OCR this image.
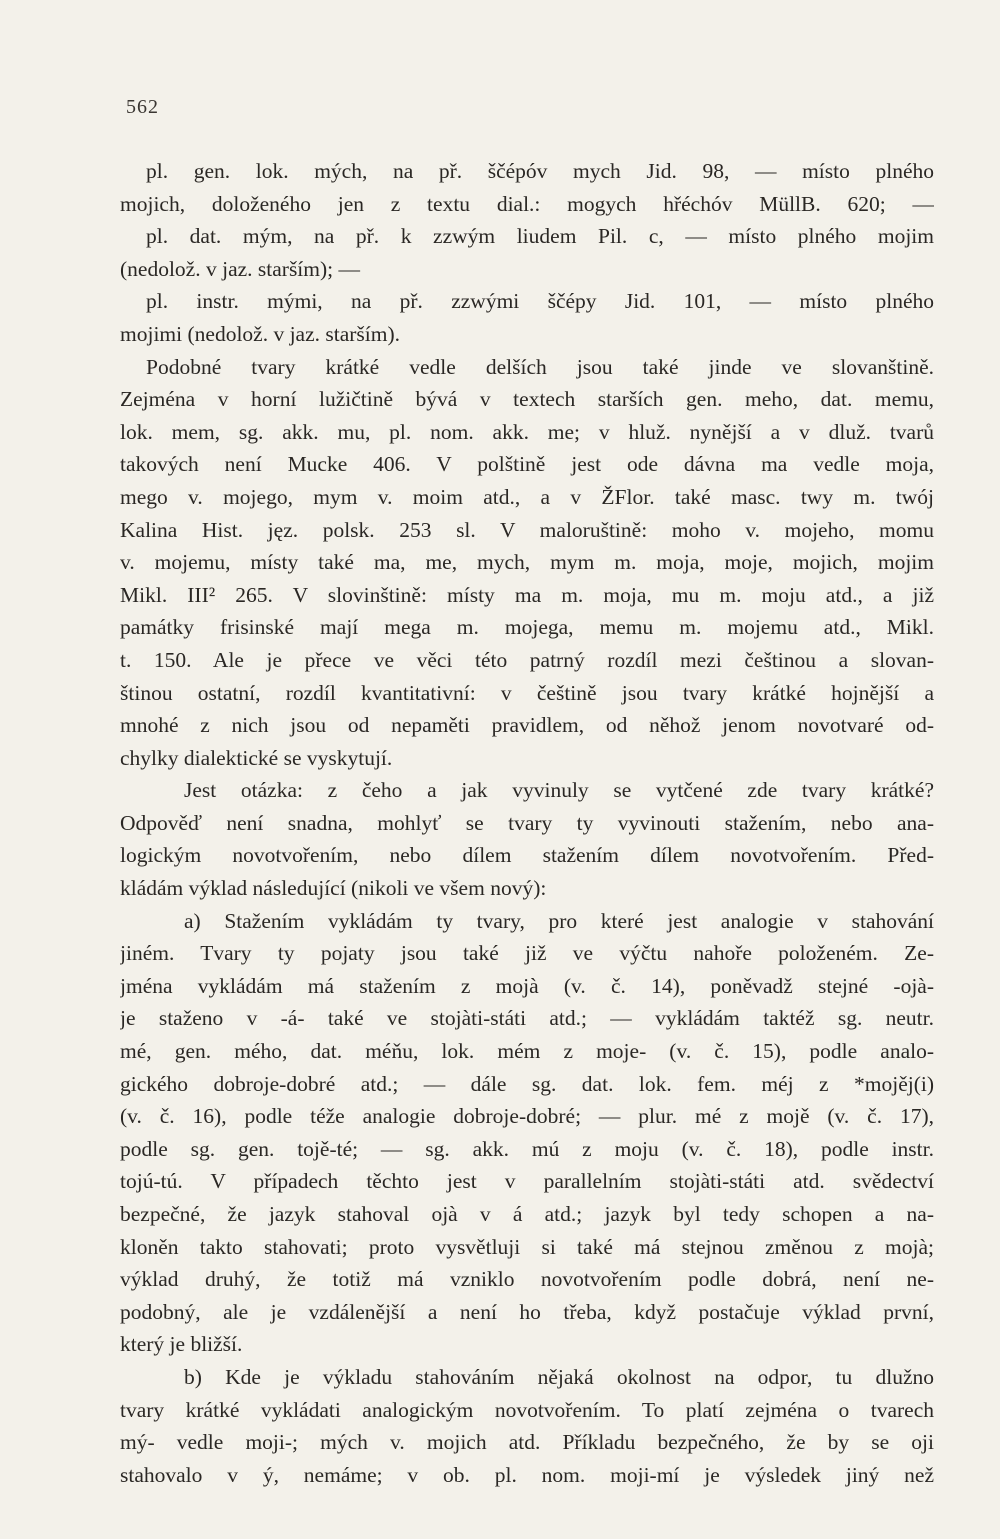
562
pl. gen. lok. mých, na př. ščépóv mych Jid. 98, — místo plného
mojich, doloženého jen z textu dial.: mogych hřéchóv MüllB. 620; —
pl. dat. mým, na př. k zzwým liudem Pil. c, — místo plného mojim
(nedolož. v jaz. starším); —
pl. instr. mými, na př. zzwými ščépy Jid. 101, — místo plného
mojimi (nedolož. v jaz. starším).
Podobné tvary krátké vedle delších jsou také jinde ve slovanštině.
Zejména v horní lužičtině bývá v textech starších gen. meho, dat. memu,
lok. mem, sg. akk. mu, pl. nom. akk. me; v hluž. nynější a v dluž. tvarů
takových není Mucke 406. V polštině jest ode dávna ma vedle moja,
mego v. mojego, mym v. moim atd., a v ŽFlor. také masc. twy m. twój
Kalina Hist. jęz. polsk. 253 sl. V maloruštině: moho v. mojeho, momu
v. mojemu, místy také ma, me, mych, mym m. moja, moje, mojich, mojim
Mikl. III² 265. V slovinštině: místy ma m. moja, mu m. moju atd., a již
památky frisinské mají mega m. mojega, memu m. mojemu atd., Mikl.
t. 150. Ale je přece ve věci této patrný rozdíl mezi češtinou a slovan-
štinou ostatní, rozdíl kvantitativní: v češtině jsou tvary krátké hojnější a
mnohé z nich jsou od nepaměti pravidlem, od něhož jenom novotvaré od-
chylky dialektické se vyskytují.
Jest otázka: z čeho a jak vyvinuly se vytčené zde tvary krátké?
Odpověď není snadna, mohlyť se tvary ty vyvinouti stažením, nebo ana-
logickým novotvořením, nebo dílem stažením dílem novotvořením. Před-
kládám výklad následující (nikoli ve všem nový):
a) Stažením vykládám ty tvary, pro které jest analogie v stahování
jiném. Tvary ty pojaty jsou také již ve výčtu nahoře položeném. Ze-
jména vykládám má stažením z mojà (v. č. 14), poněvadž stejné -ojà-
je staženo v -á- také ve stojàti-státi atd.; — vykládám taktéž sg. neutr.
mé, gen. mého, dat. méňu, lok. mém z moje- (v. č. 15), podle analo-
gického dobroje-dobré atd.; — dále sg. dat. lok. fem. méj z *mojěj(i)
(v. č. 16), podle téže analogie dobroje-dobré; — plur. mé z mojě (v. č. 17),
podle sg. gen. tojě-té; — sg. akk. mú z moju (v. č. 18), podle instr.
tojú-tú. V případech těchto jest v parallelním stojàti-státi atd. svědectví
bezpečné, že jazyk stahoval ojà v á atd.; jazyk byl tedy schopen a na-
kloněn takto stahovati; proto vysvětluji si také má stejnou změnou z mojà;
výklad druhý, že totiž má vzniklo novotvořením podle dobrá, není ne-
podobný, ale je vzdálenější a není ho třeba, když postačuje výklad první,
který je bližší.
b) Kde je výkladu stahováním nějaká okolnost na odpor, tu dlužno
tvary krátké vykládati analogickým novotvořením. To platí zejména o tvarech
mý- vedle moji-; mých v. mojich atd. Příkladu bezpečného, že by se oji
stahovalo v ý, nemáme; v ob. pl. nom. moji-mí je výsledek jiný než
